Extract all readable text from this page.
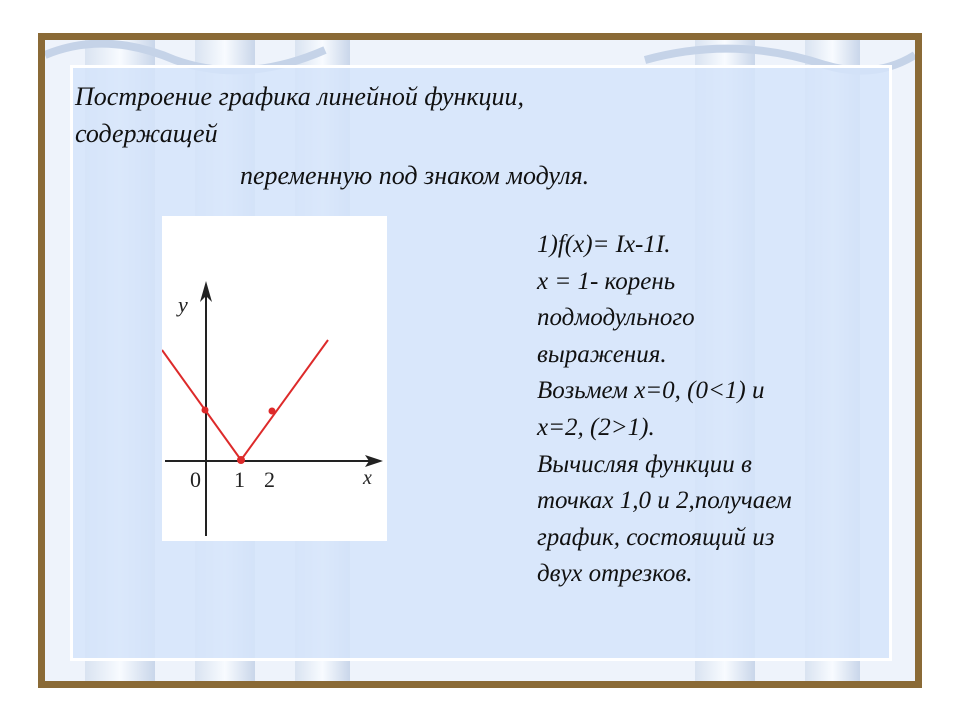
Построение графика линейной функции,

содержащей

переменную под знаком модуля.

y
x
0 1 2
1)f(x)= Ix-1I.
x = 1- корень
подмодульного
выражения.
Возьмем x=0, (0<1) и
x=2, (2>1).
Вычисляя функции в
точках 1,0 и 2,получаем
график, состоящий из
двух отрезков.
